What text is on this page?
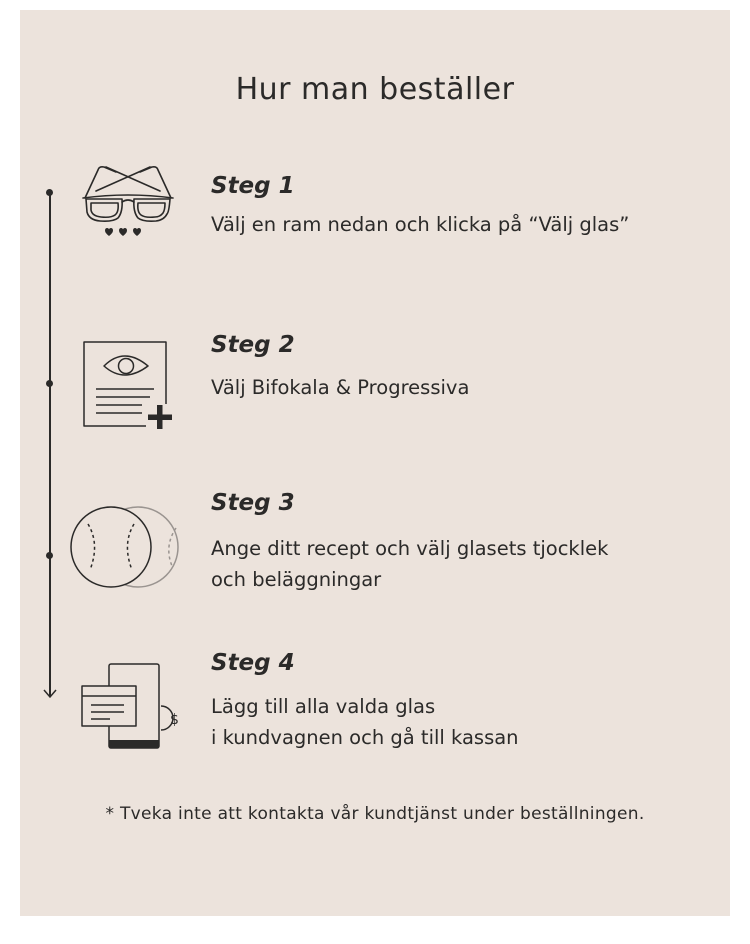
Hur man beställer
$
Steg 1
Välj en ram nedan och klicka på “Välj glas”
Steg 2
Välj Bifokala & Progressiva
Steg 3
Ange ditt recept och välj glasets tjocklek
och beläggningar
Steg 4
Lägg till alla valda glas
i kundvagnen och gå till kassan
* Tveka inte att kontakta vår kundtjänst under beställningen.
